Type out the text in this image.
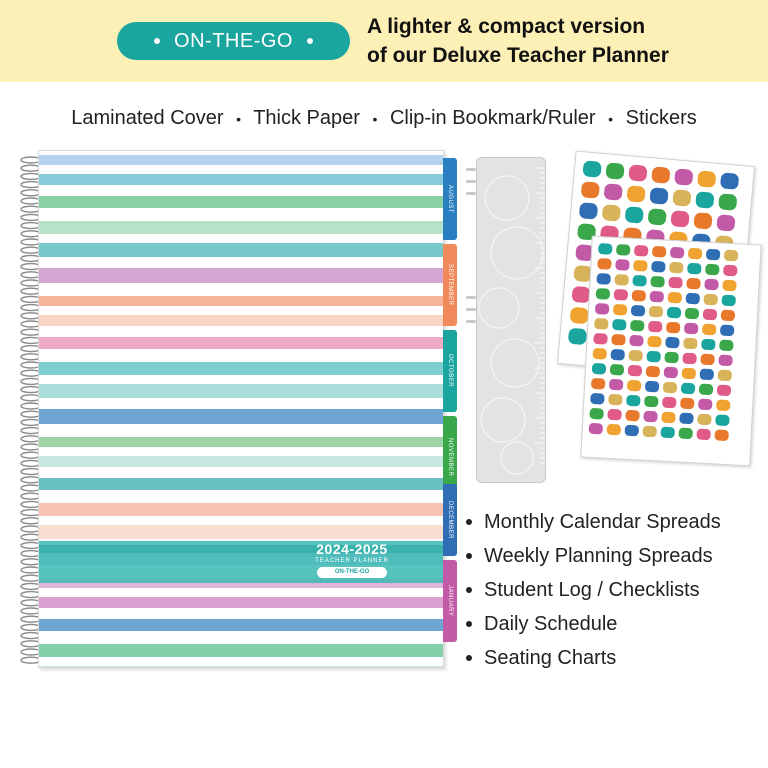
ON-THE-GO
A lighter & compact version
of our Deluxe Teacher Planner
Laminated Cover • Thick Paper • Clip-in Bookmark/Ruler • Stickers
2024-2025
TEACHER PLANNER
ON-THE-GO
AUGUST
SEPTEMBER
OCTOBER
NOVEMBER
DECEMBER
JANUARY
Monthly Calendar Spreads
Weekly Planning Spreads
Student Log / Checklists
Daily Schedule
Seating Charts
